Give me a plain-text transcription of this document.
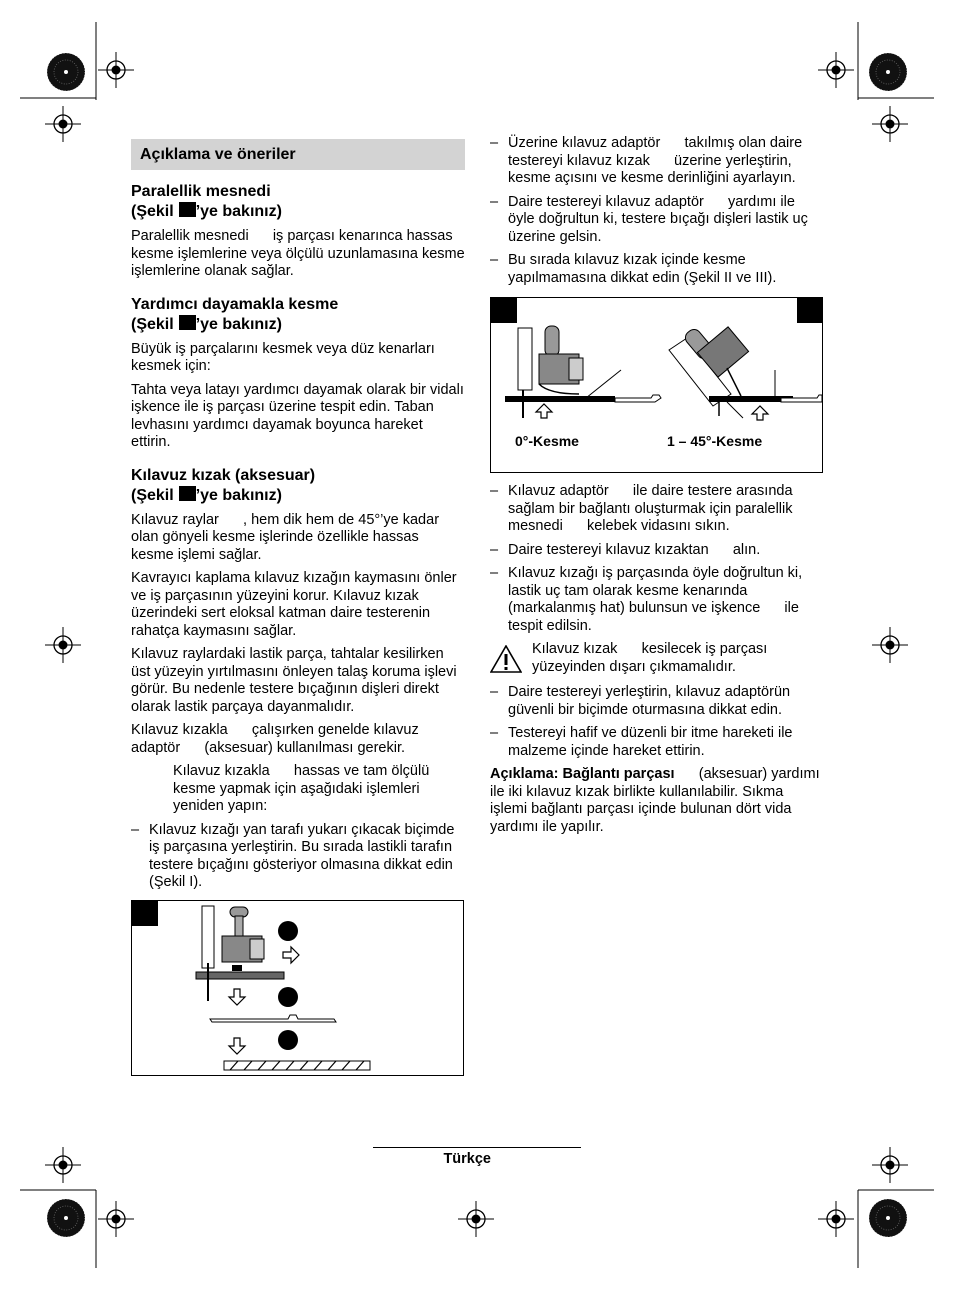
Açıklama ve öneriler
Paralellik mesnedi
(Şekil ’ye bakınız)

Paralellik mesnedi      iş parçası kenarınca hassas kesme işlemlerine veya ölçülü uzunlamasına kesme işlemlerine olanak sağlar.

Yardımcı dayamakla kesme
(Şekil ’ye bakınız)

Büyük iş parçalarını kesmek veya düz kenarları kesmek için:

Tahta veya latayı yardımcı dayamak olarak bir vidalı işkence ile iş parçası üzerine tespit edin. Taban levhasını yardımcı dayamak boyunca hareket ettirin.

Kılavuz kızak (aksesuar)
(Şekil ’ye bakınız)

Kılavuz raylar      , hem dik hem de 45°’ye kadar olan gönyeli kesme işlerinde özellikle hassas kesme işlemi sağlar.

Kavrayıcı kaplama kılavuz kızağın kaymasını önler ve iş parçasının yüzeyini korur. Kılavuz kızak üzerindeki sert eloksal katman daire testerenin rahatça kaymasını sağlar.

Kılavuz raylardaki lastik parça, tahtalar kesilirken üst yüzeyin yırtılmasını önleyen talaş koruma işlevi görür. Bu nedenle testere bıçağının dişleri direkt olarak lastik parçaya dayanmalıdır.

Kılavuz kızakla      çalışırken genelde kılavuz adaptör      (aksesuar) kullanılması gerekir.

Kılavuz kızakla      hassas ve tam ölçülü kesme yapmak için aşağıdaki işlemleri yeniden yapın:

– Kılavuz kızağı yan tarafı yukarı çıkacak biçimde iş parçasına yerleştirin. Bu sırada lastikli tarafın testere bıçağını gösteriyor olmasına dikkat edin (Şekil I).
– Üzerine kılavuz adaptör      takılmış olan daire testereyi kılavuz kızak      üzerine yerleştirin, kesme açısını ve kesme derinliğini ayarlayın.
– Daire testereyi kılavuz adaptör      yardımı ile öyle doğrultun ki, testere bıçağı dişleri lastik uç üzerine gelsin.
– Bu sırada kılavuz kızak içinde kesme yapılmamasına dikkat edin (Şekil II ve III).
0°-Kesme	1 – 45°-Kesme
– Kılavuz adaptör      ile daire testere arasında sağlam bir bağlantı oluşturmak için paralellik mesnedi      kelebek vidasını sıkın.
– Daire testereyi kılavuz kızaktan      alın.
– Kılavuz kızağı iş parçasında öyle doğrultun ki, lastik uç tam olarak kesme kenarında (markalanmış hat) bulunsun ve işkence      ile tespit edilsin.
Kılavuz kızak      kesilecek iş parçası yüzeyinden dışarı çıkmamalıdır.
– Daire testereyi yerleştirin, kılavuz adaptörün      güvenli bir biçimde oturmasına dikkat edin.
– Testereyi hafif ve düzenli bir itme hareketi ile malzeme içinde hareket ettirin.

Açıklama: Bağlantı parçası      (aksesuar) yardımı ile iki kılavuz kızak birlikte kullanılabilir. Sıkma işlemi bağlantı parçası içinde bulunan dört vida yardımı ile yapılır.

Türkçe
